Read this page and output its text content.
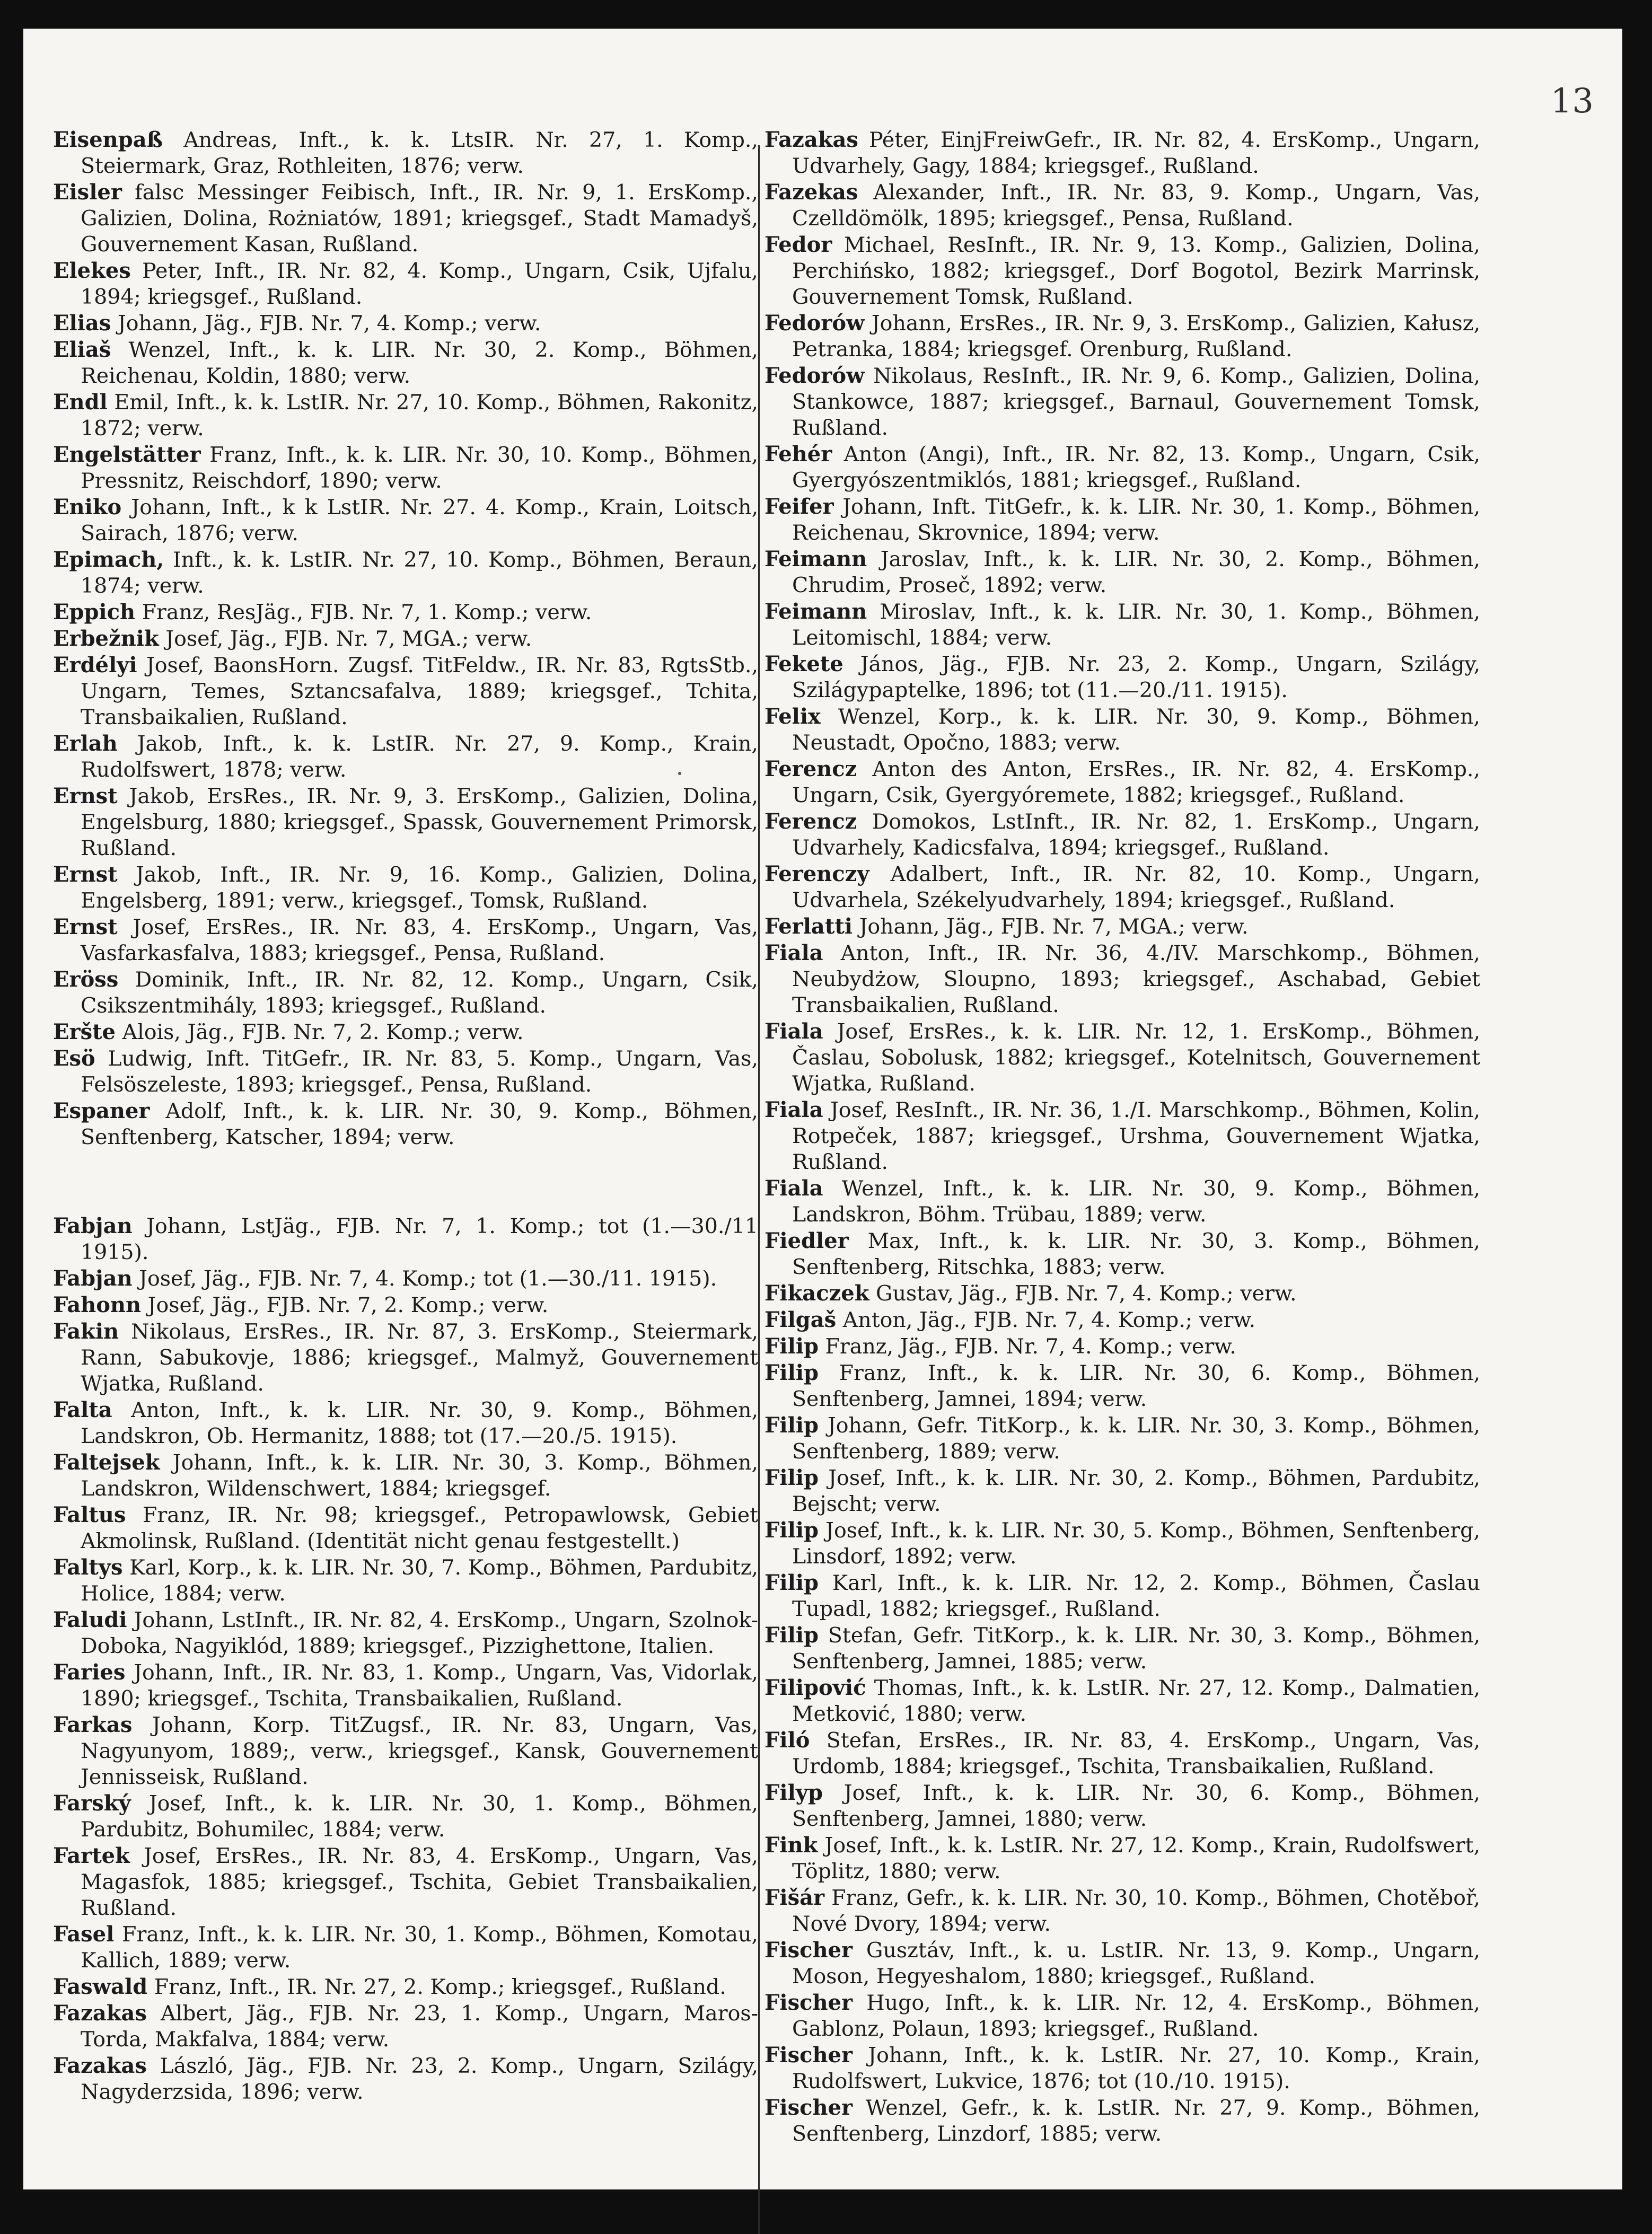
13

Eisenpaß Andreas, Inft., k. k. LtsIR. Nr. 27, 1. Komp., Steiermark, Graz, Rothleiten, 1876; verw.

Eisler falsc Messinger Feibisch, Inft., IR. Nr. 9, 1. ErsKomp., Galizien, Dolina, Rożniatów, 1891; kriegsgef., Stadt Mamadyš, Gouvernement Kasan, Rußland.

Elekes Peter, Inft., IR. Nr. 82, 4. Komp., Ungarn, Csik, Ujfalu, 1894; kriegsgef., Rußland.

Elias Johann, Jäg., FJB. Nr. 7, 4. Komp.; verw.

Eliaš Wenzel, Inft., k. k. LIR. Nr. 30, 2. Komp., Böhmen, Reichenau, Koldin, 1880; verw.

Endl Emil, Inft., k. k. LstIR. Nr. 27, 10. Komp., Böhmen, Rakonitz, 1872; verw.

Engelstätter Franz, Inft., k. k. LIR. Nr. 30, 10. Komp., Böhmen, Pressnitz, Reischdorf, 1890; verw.

Eniko Johann, Inft., k k LstIR. Nr. 27. 4. Komp., Krain, Loitsch, Sairach, 1876; verw.

Epimach, Inft., k. k. LstIR. Nr. 27, 10. Komp., Böhmen, Beraun, 1874; verw.

Eppich Franz, ResJäg., FJB. Nr. 7, 1. Komp.; verw.

Erbežnik Josef, Jäg., FJB. Nr. 7, MGA.; verw.

Erdélyi Josef, BaonsHorn. Zugsf. TitFeldw., IR. Nr. 83, RgtsStb., Ungarn, Temes, Sztancsafalva, 1889; kriegsgef., Tchita, Transbaikalien, Rußland.

Erlah Jakob, Inft., k. k. LstIR. Nr. 27, 9. Komp., Krain, Rudolfswert, 1878; verw.

Ernst Jakob, ErsRes., IR. Nr. 9, 3. ErsKomp., Galizien, Dolina, Engelsburg, 1880; kriegsgef., Spassk, Gouvernement Primorsk, Rußland.

Ernst Jakob, Inft., IR. Nr. 9, 16. Komp., Galizien, Dolina, Engelsberg, 1891; verw., kriegsgef., Tomsk, Rußland.

Ernst Josef, ErsRes., IR. Nr. 83, 4. ErsKomp., Ungarn, Vas, Vasfarkasfalva, 1883; kriegsgef., Pensa, Rußland.

Eröss Dominik, Inft., IR. Nr. 82, 12. Komp., Ungarn, Csik, Csikszentmihály, 1893; kriegsgef., Rußland.

Eršte Alois, Jäg., FJB. Nr. 7, 2. Komp.; verw.

Esö Ludwig, Inft. TitGefr., IR. Nr. 83, 5. Komp., Ungarn, Vas, Felsöszeleste, 1893; kriegsgef., Pensa, Rußland.

Espaner Adolf, Inft., k. k. LIR. Nr. 30, 9. Komp., Böhmen, Senftenberg, Katscher, 1894; verw.

Fabjan Johann, LstJäg., FJB. Nr. 7, 1. Komp.; tot (1.—30./11 1915).

Fabjan Josef, Jäg., FJB. Nr. 7, 4. Komp.; tot (1.—30./11. 1915).

Fahonn Josef, Jäg., FJB. Nr. 7, 2. Komp.; verw.

Fakin Nikolaus, ErsRes., IR. Nr. 87, 3. ErsKomp., Steiermark, Rann, Sabukovje, 1886; kriegsgef., Malmyž, Gouvernement Wjatka, Rußland.

Falta Anton, Inft., k. k. LIR. Nr. 30, 9. Komp., Böhmen, Landskron, Ob. Hermanitz, 1888; tot (17.—20./5. 1915).

Faltejsek Johann, Inft., k. k. LIR. Nr. 30, 3. Komp., Böhmen, Landskron, Wildenschwert, 1884; kriegsgef.

Faltus Franz, IR. Nr. 98; kriegsgef., Petropawlowsk, Gebiet Akmolinsk, Rußland. (Identität nicht genau festgestellt.)

Faltys Karl, Korp., k. k. LIR. Nr. 30, 7. Komp., Böhmen, Pardubitz, Holice, 1884; verw.

Faludi Johann, LstInft., IR. Nr. 82, 4. ErsKomp., Ungarn, Szolnok-Doboka, Nagyiklód, 1889; kriegsgef., Pizzighettone, Italien.

Faries Johann, Inft., IR. Nr. 83, 1. Komp., Ungarn, Vas, Vidorlak, 1890; kriegsgef., Tschita, Transbaikalien, Rußland.

Farkas Johann, Korp. TitZugsf., IR. Nr. 83, Ungarn, Vas, Nagyunyom, 1889;, verw., kriegsgef., Kansk, Gouvernement Jennisseisk, Rußland.

Farský Josef, Inft., k. k. LIR. Nr. 30, 1. Komp., Böhmen, Pardubitz, Bohumilec, 1884; verw.

Fartek Josef, ErsRes., IR. Nr. 83, 4. ErsKomp., Ungarn, Vas, Magasfok, 1885; kriegsgef., Tschita, Gebiet Transbaikalien, Rußland.

Fasel Franz, Inft., k. k. LIR. Nr. 30, 1. Komp., Böhmen, Komotau, Kallich, 1889; verw.

Faswald Franz, Inft., IR. Nr. 27, 2. Komp.; kriegsgef., Rußland.

Fazakas Albert, Jäg., FJB. Nr. 23, 1. Komp., Ungarn, Maros-Torda, Makfalva, 1884; verw.

Fazakas László, Jäg., FJB. Nr. 23, 2. Komp., Ungarn, Szilágy, Nagyderzsida, 1896; verw.

Fazakas Péter, EinjFreiwGefr., IR. Nr. 82, 4. ErsKomp., Ungarn, Udvarhely, Gagy, 1884; kriegsgef., Rußland.

Fazekas Alexander, Inft., IR. Nr. 83, 9. Komp., Ungarn, Vas, Czelldömölk, 1895; kriegsgef., Pensa, Rußland.

Fedor Michael, ResInft., IR. Nr. 9, 13. Komp., Galizien, Dolina, Perchińsko, 1882; kriegsgef., Dorf Bogotol, Bezirk Marrinsk, Gouvernement Tomsk, Rußland.

Fedorów Johann, ErsRes., IR. Nr. 9, 3. ErsKomp., Galizien, Kałusz, Petranka, 1884; kriegsgef. Orenburg, Rußland.

Fedorów Nikolaus, ResInft., IR. Nr. 9, 6. Komp., Galizien, Dolina, Stankowce, 1887; kriegsgef., Barnaul, Gouvernement Tomsk, Rußland.

Fehér Anton (Angi), Inft., IR. Nr. 82, 13. Komp., Ungarn, Csik, Gyergyószentmiklós, 1881; kriegsgef., Rußland.

Feifer Johann, Inft. TitGefr., k. k. LIR. Nr. 30, 1. Komp., Böhmen, Reichenau, Skrovnice, 1894; verw.

Feimann Jaroslav, Inft., k. k. LIR. Nr. 30, 2. Komp., Böhmen, Chrudim, Proseč, 1892; verw.

Feimann Miroslav, Inft., k. k. LIR. Nr. 30, 1. Komp., Böhmen, Leitomischl, 1884; verw.

Fekete János, Jäg., FJB. Nr. 23, 2. Komp., Ungarn, Szilágy, Szilágypaptelke, 1896; tot (11.—20./11. 1915).

Felix Wenzel, Korp., k. k. LIR. Nr. 30, 9. Komp., Böhmen, Neustadt, Opočno, 1883; verw.

Ferencz Anton des Anton, ErsRes., IR. Nr. 82, 4. ErsKomp., Ungarn, Csik, Gyergyóremete, 1882; kriegsgef., Rußland.

Ferencz Domokos, LstInft., IR. Nr. 82, 1. ErsKomp., Ungarn, Udvarhely, Kadicsfalva, 1894; kriegsgef., Rußland.

Ferenczy Adalbert, Inft., IR. Nr. 82, 10. Komp., Ungarn, Udvarhela, Székelyudvarhely, 1894; kriegsgef., Rußland.

Ferlatti Johann, Jäg., FJB. Nr. 7, MGA.; verw.

Fiala Anton, Inft., IR. Nr. 36, 4./IV. Marschkomp., Böhmen, Neubydżow, Sloupno, 1893; kriegsgef., Aschabad, Gebiet Transbaikalien, Rußland.

Fiala Josef, ErsRes., k. k. LIR. Nr. 12, 1. ErsKomp., Böhmen, Časlau, Sobolusk, 1882; kriegsgef., Kotelnitsch, Gouvernement Wjatka, Rußland.

Fiala Josef, ResInft., IR. Nr. 36, 1./I. Marschkomp., Böhmen, Kolin, Rotpeček, 1887; kriegsgef., Urshma, Gouvernement Wjatka, Rußland.

Fiala Wenzel, Inft., k. k. LIR. Nr. 30, 9. Komp., Böhmen, Landskron, Böhm. Trübau, 1889; verw.

Fiedler Max, Inft., k. k. LIR. Nr. 30, 3. Komp., Böhmen, Senftenberg, Ritschka, 1883; verw.

Fikaczek Gustav, Jäg., FJB. Nr. 7, 4. Komp.; verw.

Filgaš Anton, Jäg., FJB. Nr. 7, 4. Komp.; verw.

Filip Franz, Jäg., FJB. Nr. 7, 4. Komp.; verw.

Filip Franz, Inft., k. k. LIR. Nr. 30, 6. Komp., Böhmen, Senftenberg, Jamnei, 1894; verw.

Filip Johann, Gefr. TitKorp., k. k. LIR. Nr. 30, 3. Komp., Böhmen, Senftenberg, 1889; verw.

Filip Josef, Inft., k. k. LIR. Nr. 30, 2. Komp., Böhmen, Pardubitz, Bejscht; verw.

Filip Josef, Inft., k. k. LIR. Nr. 30, 5. Komp., Böhmen, Senftenberg, Linsdorf, 1892; verw.

Filip Karl, Inft., k. k. LIR. Nr. 12, 2. Komp., Böhmen, Časlau Tupadl, 1882; kriegsgef., Rußland.

Filip Stefan, Gefr. TitKorp., k. k. LIR. Nr. 30, 3. Komp., Böhmen, Senftenberg, Jamnei, 1885; verw.

Filipović Thomas, Inft., k. k. LstIR. Nr. 27, 12. Komp., Dalmatien, Metković, 1880; verw.

Filó Stefan, ErsRes., IR. Nr. 83, 4. ErsKomp., Ungarn, Vas, Urdomb, 1884; kriegsgef., Tschita, Transbaikalien, Rußland.

Filyp Josef, Inft., k. k. LIR. Nr. 30, 6. Komp., Böhmen, Senftenberg, Jamnei, 1880; verw.

Fink Josef, Inft., k. k. LstIR. Nr. 27, 12. Komp., Krain, Rudolfswert, Töplitz, 1880; verw.

Fišár Franz, Gefr., k. k. LIR. Nr. 30, 10. Komp., Böhmen, Chotěboř, Nové Dvory, 1894; verw.

Fischer Gusztáv, Inft., k. u. LstIR. Nr. 13, 9. Komp., Ungarn, Moson, Hegyeshalom, 1880; kriegsgef., Rußland.

Fischer Hugo, Inft., k. k. LIR. Nr. 12, 4. ErsKomp., Böhmen, Gablonz, Polaun, 1893; kriegsgef., Rußland.

Fischer Johann, Inft., k. k. LstIR. Nr. 27, 10. Komp., Krain, Rudolfswert, Lukvice, 1876; tot (10./10. 1915).

Fischer Wenzel, Gefr., k. k. LstIR. Nr. 27, 9. Komp., Böhmen, Senftenberg, Linzdorf, 1885; verw.
